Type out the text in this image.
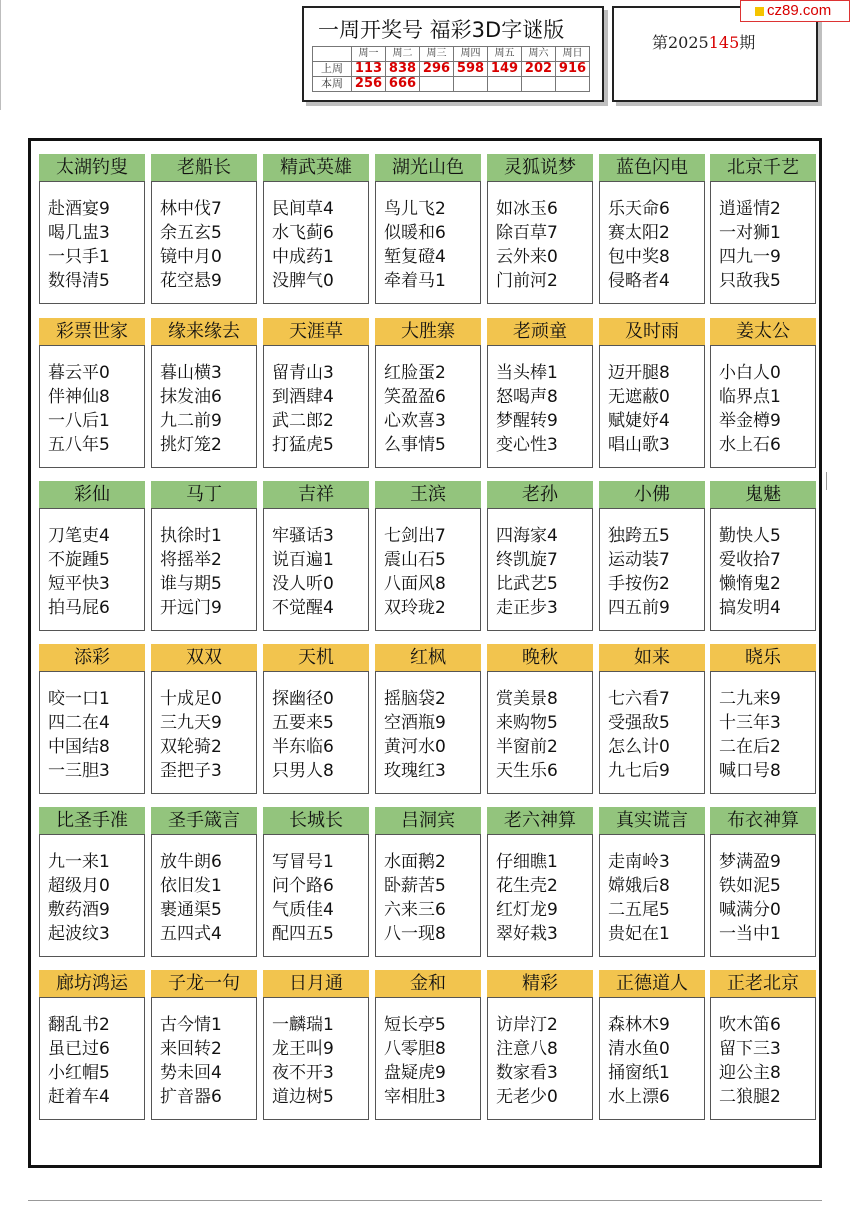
一周开奖号 福彩3D字谜版
	周一	周二	周三	周四	周五	周六	周日
上周	113	838	296	598	149	202	916
本周	256	666					
第2025145期
cz89.com
太湖钓叟
赴酒宴9
喝几盅3
一只手1
数得清5
老船长
林中伐7
余五玄5
镜中月0
花空悬9
精武英雄
民间草4
水飞蓟6
中成药1
没脾气0
湖光山色
鸟儿飞2
似暖和6
堑复磴4
牵着马1
灵狐说梦
如冰玉6
除百草7
云外来0
门前河2
蓝色闪电
乐天命6
赛太阳2
包中奖8
侵略者4
北京千艺
逍遥情2
一对狮1
四九一9
只敌我5
彩票世家
暮云平0
伴神仙8
一八后1
五八年5
缘来缘去
暮山横3
抹发油6
九二前9
挑灯笼2
天涯草
留青山3
到酒肆4
武二郎2
打猛虎5
大胜寨
红脸蛋2
笑盈盈6
心欢喜3
么事情5
老顽童
当头棒1
怒喝声8
梦醒转9
变心性3
及时雨
迈开腿8
无遮蔽0
赋婕妤4
唱山歌3
姜太公
小白人0
临界点1
举金樽9
水上石6
彩仙
刀笔吏4
不旋踵5
短平快3
拍马屁6
马丁
执徐时1
将摇举2
谁与期5
开远门9
吉祥
牢骚话3
说百遍1
没人听0
不觉醒4
王滨
七剑出7
震山石5
八面风8
双玲珑2
老孙
四海家4
终凯旋7
比武艺5
走正步3
小佛
独跨五5
运动装7
手按伤2
四五前9
鬼魅
勤快人5
爱收拾7
懒惰鬼2
搞发明4
添彩
咬一口1
四二在4
中国结8
一三胆3
双双
十成足0
三九天9
双轮骑2
歪把子3
天机
探幽径0
五要来5
半东临6
只男人8
红枫
摇脑袋2
空酒瓶9
黄河水0
玫瑰红3
晚秋
赏美景8
来购物5
半窗前2
天生乐6
如来
七六看7
受强敌5
怎么计0
九七后9
晓乐
二九来9
十三年3
二在后2
喊口号8
比圣手准
九一来1
超级月0
敷药酒9
起波纹3
圣手箴言
放牛朗6
依旧发1
裹通渠5
五四式4
长城长
写冒号1
问个路6
气质佳4
配四五5
吕洞宾
水面鹅2
卧薪苦5
六来三6
八一现8
老六神算
仔细瞧1
花生壳2
红灯龙9
翠好栽3
真实谎言
走南岭3
嫦娥后8
二五尾5
贵妃在1
布衣神算
梦满盈9
铁如泥5
喊满分0
一当中1
廊坊鸿运
翻乱书2
虽已过6
小红帽5
赶着车4
子龙一句
古今情1
来回转2
势未回4
扩音器6
日月通
一麟瑞1
龙王叫9
夜不开3
道边树5
金和
短长亭5
八零胆8
盘疑虎9
宰相肚3
精彩
访岸汀2
注意八8
数家看3
无老少0
正德道人
森林木9
清水鱼0
捅窗纸1
水上漂6
正老北京
吹木笛6
留下三3
迎公主8
二狼腿2
